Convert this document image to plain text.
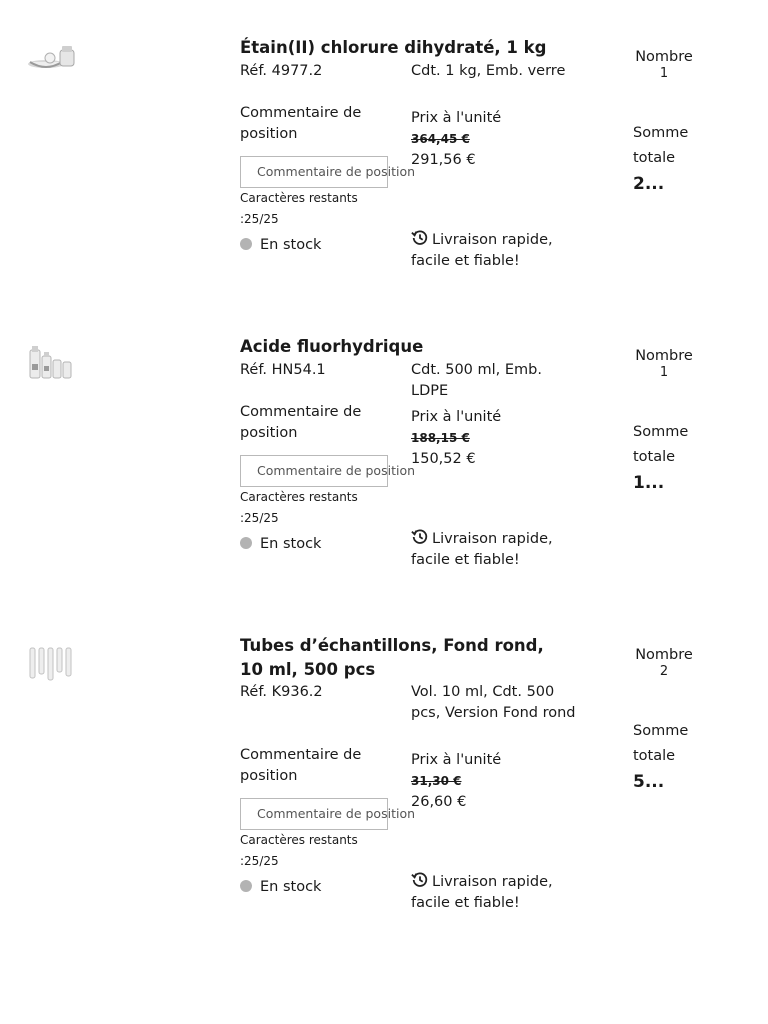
Étain(II) chlorure dihydraté, 1 kg
Réf. 4977.2
Commentaire de position
Commentaire de position
Caractères restants :25/25
En stock
Cdt. 1 kg, Emb. verre
Prix à l'unité
364,45 €
291,56 €
Livraison rapide, facile et fiable!
Nombre
1
Somme totale
2...
Acide fluorhydrique
Réf. HN54.1
Commentaire de position
Commentaire de position
Caractères restants :25/25
En stock
Cdt. 500 ml, Emb. LDPE
Prix à l'unité
188,15 €
150,52 €
Livraison rapide, facile et fiable!
Nombre
1
Somme totale
1...
Tubes d’échantillons, Fond rond, 10 ml, 500 pcs
Réf. K936.2
Commentaire de position
Commentaire de position
Caractères restants :25/25
En stock
Vol. 10 ml, Cdt. 500 pcs, Version Fond rond
Prix à l'unité
31,30 €
26,60 €
Livraison rapide, facile et fiable!
Nombre
2
Somme totale
5...
